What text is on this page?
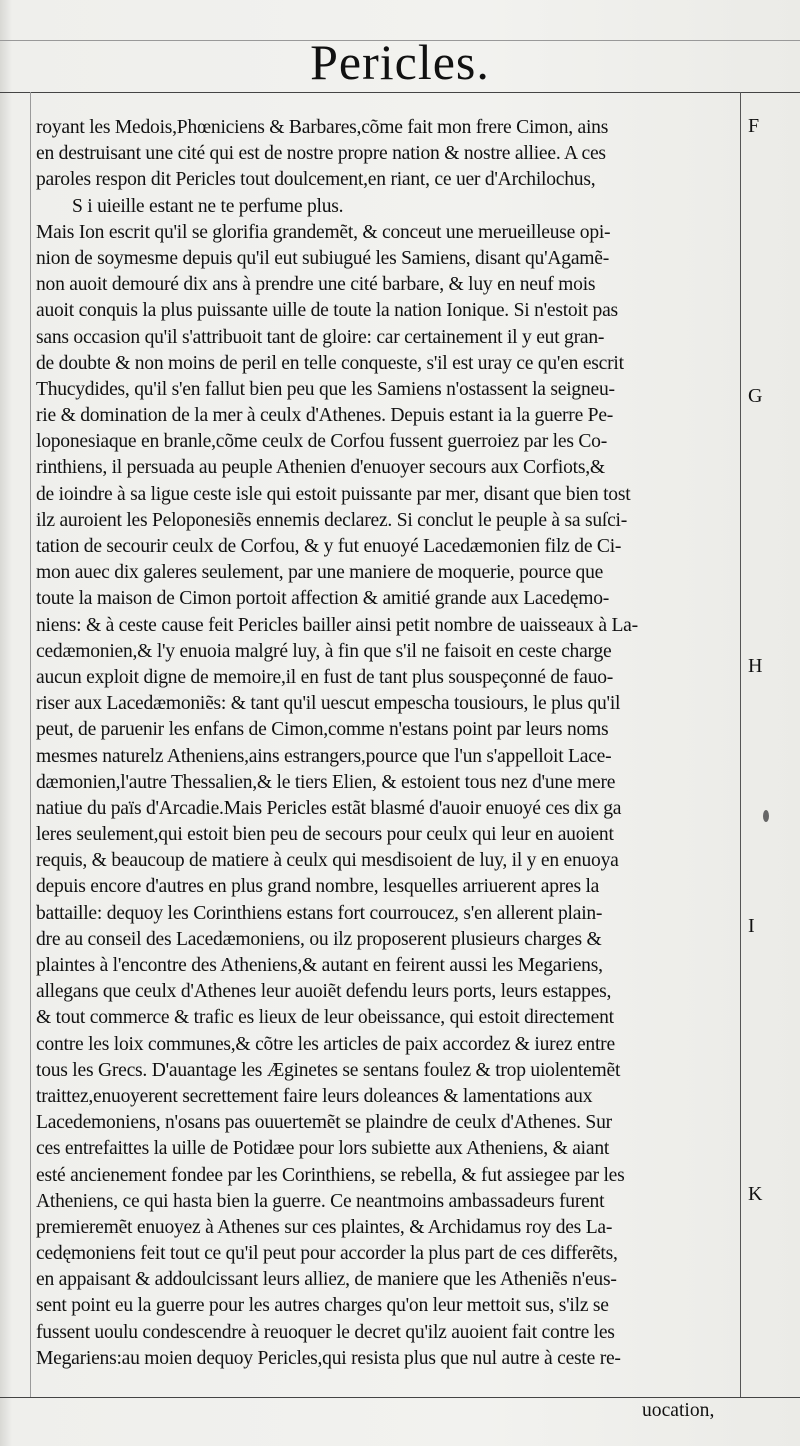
Pericles.
royant les Medois,Phœniciens & Barbares,cõme fait mon frere Cimon, ains
en destruisant une cité qui est de nostre propre nation & nostre alliee. A ces
paroles respon dit Pericles tout doulcement,en riant, ce uer d'Archilochus,
S i uieille estant ne te perfume plus.
Mais Ion escrit qu'il se glorifia grandemẽt, & conceut une merueilleuse opi-
nion de soymesme depuis qu'il eut subiugué les Samiens, disant qu'Agamẽ-
non auoit demouré dix ans à prendre une cité barbare, & luy en neuf mois
auoit conquis la plus puissante uille de toute la nation Ionique. Si n'estoit pas
sans occasion qu'il s'attribuoit tant de gloire: car certainement il y eut gran-
de doubte & non moins de peril en telle conqueste, s'il est uray ce qu'en escrit
Thucydides, qu'il s'en fallut bien peu que les Samiens n'ostassent la seigneu-
rie & domination de la mer à ceulx d'Athenes. Depuis estant ia la guerre Pe-
loponesiaque en branle,cõme ceulx de Corfou fussent guerroiez par les Co-
rinthiens, il persuada au peuple Athenien d'enuoyer secours aux Corfiots,&
de ioindre à sa ligue ceste isle qui estoit puissante par mer, disant que bien tost
ilz auroient les Peloponesiẽs ennemis declarez. Si conclut le peuple à sa suſci-
tation de secourir ceulx de Corfou, & y fut enuoyé Lacedæmonien filz de Ci-
mon auec dix galeres seulement, par une maniere de moquerie, pource que
toute la maison de Cimon portoit affection & amitié grande aux Lacedęmo-
niens: & à ceste cause feit Pericles bailler ainsi petit nombre de uaisseaux à La-
cedæmonien,& l'y enuoia malgré luy, à fin que s'il ne faisoit en ceste charge
aucun exploit digne de memoire,il en fust de tant plus souspeçonné de fauo-
riser aux Lacedæmoniẽs: & tant qu'il uescut empescha tousiours, le plus qu'il
peut, de paruenir les enfans de Cimon,comme n'estans point par leurs noms
mesmes naturelz Atheniens,ains estrangers,pource que l'un s'appelloit Lace-
dæmonien,l'autre Thessalien,& le tiers Elien, & estoient tous nez d'une mere
natiue du païs d'Arcadie.Mais Pericles estãt blasmé d'auoir enuoyé ces dix ga
leres seulement,qui estoit bien peu de secours pour ceulx qui leur en auoient
requis, & beaucoup de matiere à ceulx qui mesdisoient de luy, il y en enuoya
depuis encore d'autres en plus grand nombre, lesquelles arriuerent apres la
battaille: dequoy les Corinthiens estans fort courroucez, s'en allerent plain-
dre au conseil des Lacedæmoniens, ou ilz proposerent plusieurs charges &
plaintes à l'encontre des Atheniens,& autant en feirent aussi les Megariens,
allegans que ceulx d'Athenes leur auoiẽt defendu leurs ports, leurs estappes,
& tout commerce & trafic es lieux de leur obeissance, qui estoit directement
contre les loix communes,& cõtre les articles de paix accordez & iurez entre
tous les Grecs. D'auantage les Æginetes se sentans foulez & trop uiolentemẽt
traittez,enuoyerent secrettement faire leurs doleances & lamentations aux
Lacedemoniens, n'osans pas ouuertemẽt se plaindre de ceulx d'Athenes. Sur
ces entrefaittes la uille de Potidæe pour lors subiette aux Atheniens, & aiant
esté ancienement fondee par les Corinthiens, se rebella, & fut assiegee par les
Atheniens, ce qui hasta bien la guerre. Ce neantmoins ambassadeurs furent
premieremẽt enuoyez à Athenes sur ces plaintes, & Archidamus roy des La-
cedęmoniens feit tout ce qu'il peut pour accorder la plus part de ces differẽts,
en appaisant & addoulcissant leurs alliez, de maniere que les Atheniẽs n'eus-
sent point eu la guerre pour les autres charges qu'on leur mettoit sus, s'ilz se
fussent uoulu condescendre à reuoquer le decret qu'ilz auoient fait contre les
Megariens:au moien dequoy Pericles,qui resista plus que nul autre à ceste re-
F
G
H
I
K
uocation,
